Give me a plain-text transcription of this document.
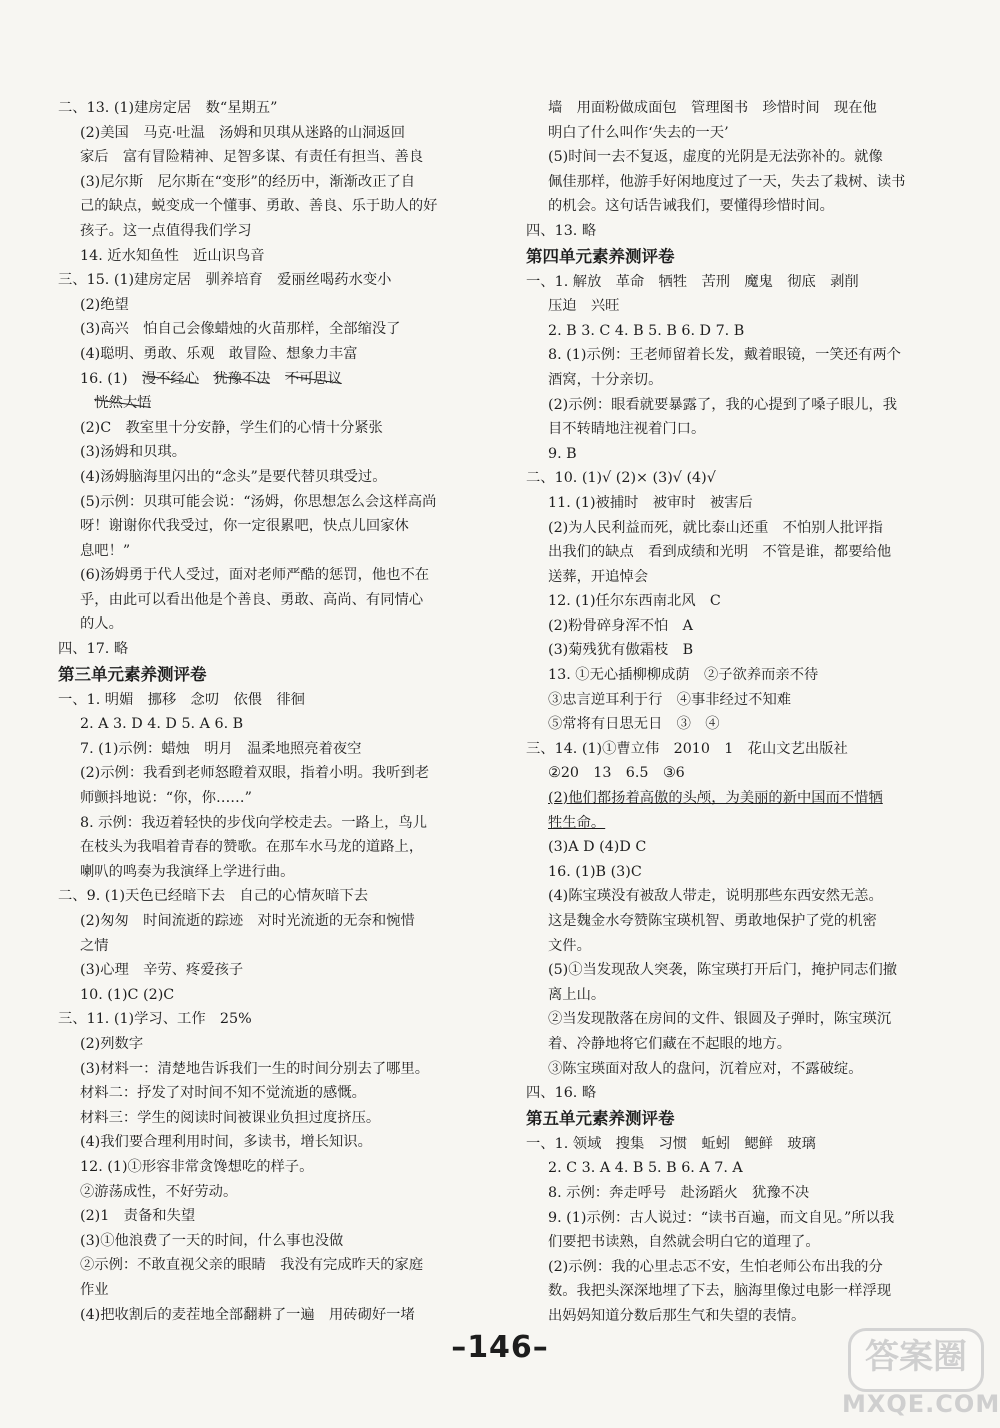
二、13. (1)建房定居　数“星期五”
(2)美国　马克·吐温　汤姆和贝琪从迷路的山洞返回
家后　富有冒险精神、足智多谋、有责任有担当、善良
(3)尼尔斯　尼尔斯在“变形”的经历中，渐渐改正了自
己的缺点，蜕变成一个懂事、勇敢、善良、乐于助人的好
孩子。这一点值得我们学习
14. 近水知鱼性　近山识鸟音
三、15. (1)建房定居　驯养培育　爱丽丝喝药水变小
(2)绝望
(3)高兴　怕自己会像蜡烛的火苗那样，全部缩没了
(4)聪明、勇敢、乐观　敢冒险、想象力丰富
16. (1)　 漫不经心
　 犹豫不决
　 不可思议
　恍然大悟
(2)C　教室里十分安静，学生们的心情十分紧张
(3)汤姆和贝琪。
(4)汤姆脑海里闪出的“念头”是要代替贝琪受过。
(5)示例：贝琪可能会说：“汤姆，你思想怎么会这样高尚
呀！谢谢你代我受过，你一定很累吧，快点儿回家休
息吧！”
(6)汤姆勇于代人受过，面对老师严酷的惩罚，他也不在
乎，由此可以看出他是个善良、勇敢、高尚、有同情心
的人。
四、17. 略
第三单元素养测评卷
一、1. 明媚　挪移　念叨　依偎　徘徊
2. A 3. D 4. D 5. A 6. B
7. (1)示例：蜡烛　明月　温柔地照亮着夜空
(2)示例：我看到老师怒瞪着双眼，指着小明。我听到老
师颤抖地说：“你，你……”
8. 示例：我迈着轻快的步伐向学校走去。一路上，鸟儿
在枝头为我唱着青春的赞歌。在那车水马龙的道路上，
喇叭的鸣奏为我演绎上学进行曲。
二、9. (1)天色已经暗下去　自己的心情灰暗下去
(2)匆匆　时间流逝的踪迹　对时光流逝的无奈和惋惜
之情
(3)心理　辛劳、疼爱孩子
10. (1)C (2)C
三、11. (1)学习、工作　25%
(2)列数字
(3)材料一：清楚地告诉我们一生的时间分别去了哪里。
材料二：抒发了对时间不知不觉流逝的感慨。
材料三：学生的阅读时间被课业负担过度挤压。
(4)我们要合理利用时间，多读书，增长知识。
12. (1)①形容非常贪馋想吃的样子。
②游荡成性，不好劳动。
(2)1　责备和失望
(3)①他浪费了一天的时间，什么事也没做
②示例：不敢直视父亲的眼睛　我没有完成昨天的家庭
作业
(4)把收割后的麦茬地全部翻耕了一遍　用砖砌好一堵
墙　用面粉做成面包　管理图书　珍惜时间　现在他
明白了什么叫作‘失去的一天’
(5)时间一去不复返，虚度的光阴是无法弥补的。就像
佩佳那样，他游手好闲地度过了一天，失去了栽树、读书
的机会。这句话告诫我们，要懂得珍惜时间。
四、13. 略
第四单元素养测评卷
一、1. 解放　革命　牺牲　苦刑　魔鬼　彻底　剥削
压迫　兴旺
2. B 3. C 4. B 5. B 6. D 7. B
8. (1)示例：王老师留着长发，戴着眼镜，一笑还有两个
酒窝，十分亲切。
(2)示例：眼看就要暴露了，我的心提到了嗓子眼儿，我
目不转睛地注视着门口。
9. B
二、10. (1)√ (2)× (3)√ (4)√
11. (1)被捕时　被审时　被害后
(2)为人民利益而死，就比泰山还重　不怕别人批评指
出我们的缺点　看到成绩和光明　不管是谁，都要给他
送葬，开追悼会
12. (1)任尔东西南北风　C
(2)粉骨碎身浑不怕　A
(3)菊残犹有傲霜枝　B
13. ①无心插柳柳成荫　②子欲养而亲不待
③忠言逆耳利于行　④事非经过不知难
⑤常将有日思无日　③　④
三、14. (1)①曹立伟　2010　1　花山文艺出版社
②20　13　6.5　③6
(2)他们都扬着高傲的头颅，为美丽的新中国而不惜牺
牲生命。
(3)A D (4)D C
16. (1)B (3)C
(4)陈宝瑛没有被敌人带走，说明那些东西安然无恙。
这是魏金水夸赞陈宝瑛机智、勇敢地保护了党的机密
文件。
(5)①当发现敌人突袭，陈宝瑛打开后门，掩护同志们撤
离上山。
②当发现散落在房间的文件、银圆及子弹时，陈宝瑛沉
着、冷静地将它们藏在不起眼的地方。
③陈宝瑛面对敌人的盘问，沉着应对，不露破绽。
四、16. 略
第五单元素养测评卷
一、1. 领域　搜集　习惯　蚯蚓　鳃鲜　玻璃
2. C 3. A 4. B 5. B 6. A 7. A
8. 示例：奔走呼号　赴汤蹈火　犹豫不决
9. (1)示例：古人说过：“读书百遍，而文自见。”所以我
们要把书读熟，自然就会明白它的道理了。
(2)示例：我的心里忐忑不安，生怕老师公布出我的分
数。我把头深深地埋了下去，脑海里像过电影一样浮现
出妈妈知道分数后那生气和失望的表情。
–146–	答案圈
MXQE.COM
